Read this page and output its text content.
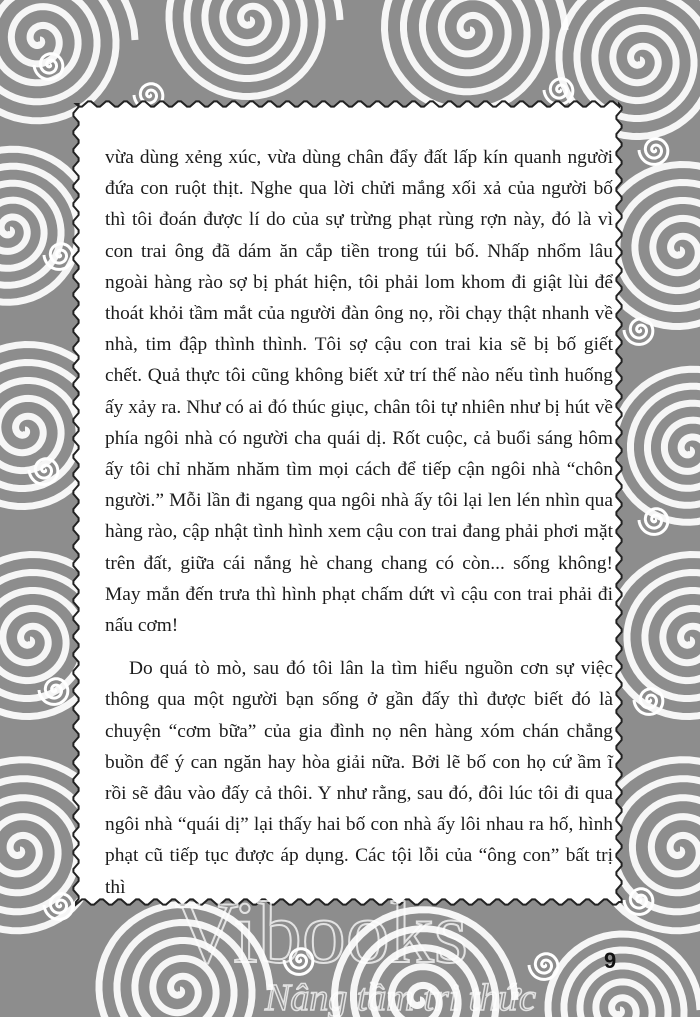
vừa dùng xẻng xúc, vừa dùng chân đẩy đất lấp kín quanh người đứa con ruột thịt. Nghe qua lời chửi mắng xối xả của người bố thì tôi đoán được lí do của sự trừng phạt rùng rợn này, đó là vì con trai ông đã dám ăn cắp tiền trong túi bố. Nhấp nhổm lâu ngoài hàng rào sợ bị phát hiện, tôi phải lom khom đi giật lùi để thoát khỏi tầm mắt của người đàn ông nọ, rồi chạy thật nhanh về nhà, tim đập thình thình. Tôi sợ cậu con trai kia sẽ bị bố giết chết. Quả thực tôi cũng không biết xử trí thế nào nếu tình huống ấy xảy ra. Như có ai đó thúc giục, chân tôi tự nhiên như bị hút về phía ngôi nhà có người cha quái dị. Rốt cuộc, cả buổi sáng hôm ấy tôi chỉ nhăm nhăm tìm mọi cách để tiếp cận ngôi nhà “chôn người.” Mỗi lần đi ngang qua ngôi nhà ấy tôi lại len lén nhìn qua hàng rào, cập nhật tình hình xem cậu con trai đang phải phơi mặt trên đất, giữa cái nắng hè chang chang có còn... sống không! May mắn đến trưa thì hình phạt chấm dứt vì cậu con trai phải đi nấu cơm!

Do quá tò mò, sau đó tôi lân la tìm hiểu nguồn cơn sự việc thông qua một người bạn sống ở gần đấy thì được biết đó là chuyện “cơm bữa” của gia đình nọ nên hàng xóm chán chẳng buồn để ý can ngăn hay hòa giải nữa. Bởi lẽ bố con họ cứ ầm ĩ rồi sẽ đâu vào đấy cả thôi. Y như rằng, sau đó, đôi lúc tôi đi qua ngôi nhà “quái dị” lại thấy hai bố con nhà ấy lôi nhau ra hố, hình phạt cũ tiếp tục được áp dụng. Các tội lỗi của “ông con” bất trị thì Vibooks
Nâng tầm tri thức
9
